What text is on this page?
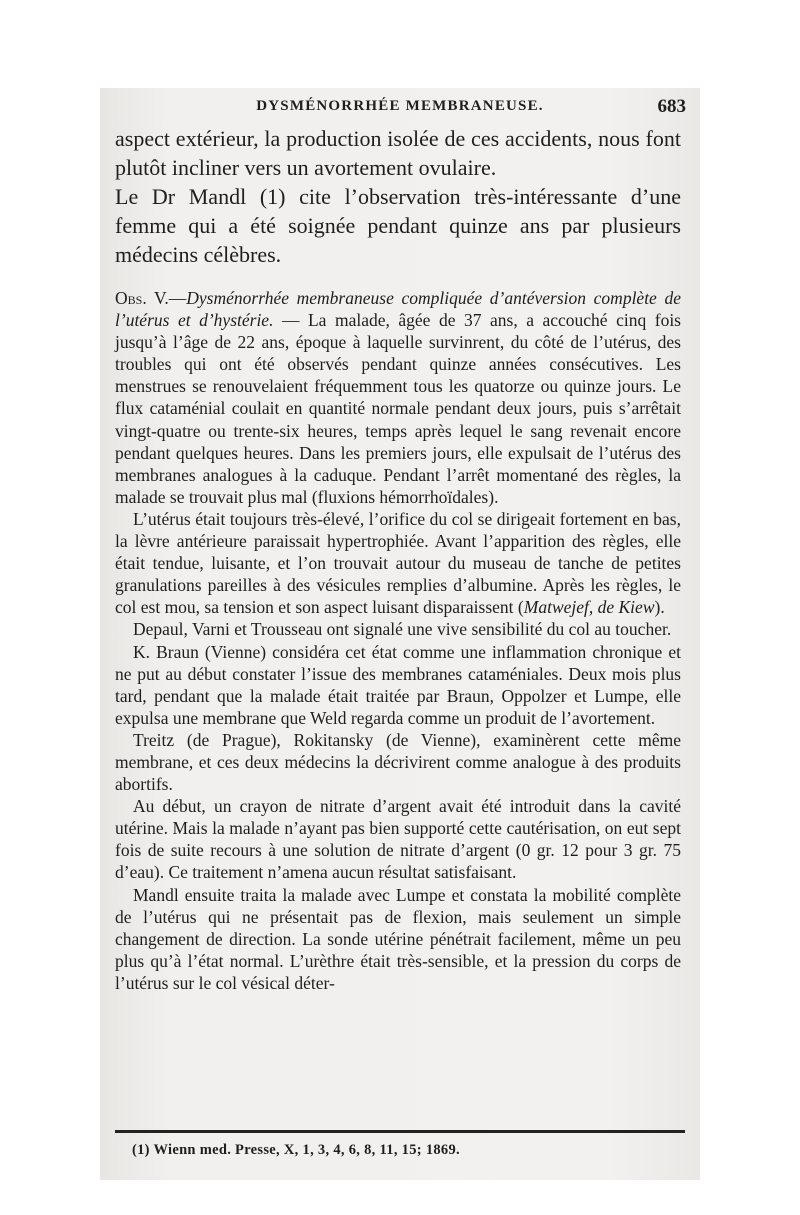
DYSMÉNORRHÉE MEMBRANEUSE.	683

aspect extérieur, la production isolée de ces accidents, nous font plutôt incliner vers un avortement ovulaire.

Le Dr Mandl (1) cite l’observation très-intéressante d’une femme qui a été soignée pendant quinze ans par plusieurs médecins célèbres.

Obs. V.—Dysménorrhée membraneuse compliquée d’antéversion complète de l’utérus et d’hystérie. — La malade, âgée de 37 ans, a accouché cinq fois jusqu’à l’âge de 22 ans, époque à laquelle survinrent, du côté de l’utérus, des troubles qui ont été observés pendant quinze années consécutives. Les menstrues se renouvelaient fréquemment tous les quatorze ou quinze jours. Le flux cataménial coulait en quantité normale pendant deux jours, puis s’arrêtait vingt-quatre ou trente-six heures, temps après lequel le sang revenait encore pendant quelques heures. Dans les premiers jours, elle expulsait de l’utérus des membranes analogues à la caduque. Pendant l’arrêt momentané des règles, la malade se trouvait plus mal (fluxions hémorrhoïdales).

L’utérus était toujours très-élevé, l’orifice du col se dirigeait fortement en bas, la lèvre antérieure paraissait hypertrophiée. Avant l’apparition des règles, elle était tendue, luisante, et l’on trouvait autour du museau de tanche de petites granulations pareilles à des vésicules remplies d’albumine. Après les règles, le col est mou, sa tension et son aspect luisant disparaissent (Matwejef, de Kiew).

Depaul, Varni et Trousseau ont signalé une vive sensibilité du col au toucher.

K. Braun (Vienne) considéra cet état comme une inflammation chronique et ne put au début constater l’issue des membranes cataméniales. Deux mois plus tard, pendant que la malade était traitée par Braun, Oppolzer et Lumpe, elle expulsa une membrane que Weld regarda comme un produit de l’avortement.

Treitz (de Prague), Rokitansky (de Vienne), examinèrent cette même membrane, et ces deux médecins la décrivirent comme analogue à des produits abortifs.

Au début, un crayon de nitrate d’argent avait été introduit dans la cavité utérine. Mais la malade n’ayant pas bien supporté cette cautérisation, on eut sept fois de suite recours à une solution de nitrate d’argent (0 gr. 12 pour 3 gr. 75 d’eau). Ce traitement n’amena aucun résultat satisfaisant.

Mandl ensuite traita la malade avec Lumpe et constata la mobilité complète de l’utérus qui ne présentait pas de flexion, mais seulement un simple changement de direction. La sonde utérine pénétrait facilement, même un peu plus qu’à l’état normal. L’urèthre était très-sensible, et la pression du corps de l’utérus sur le col vésical déter-

(1) Wienn med. Presse, X, 1, 3, 4, 6, 8, 11, 15; 1869.
